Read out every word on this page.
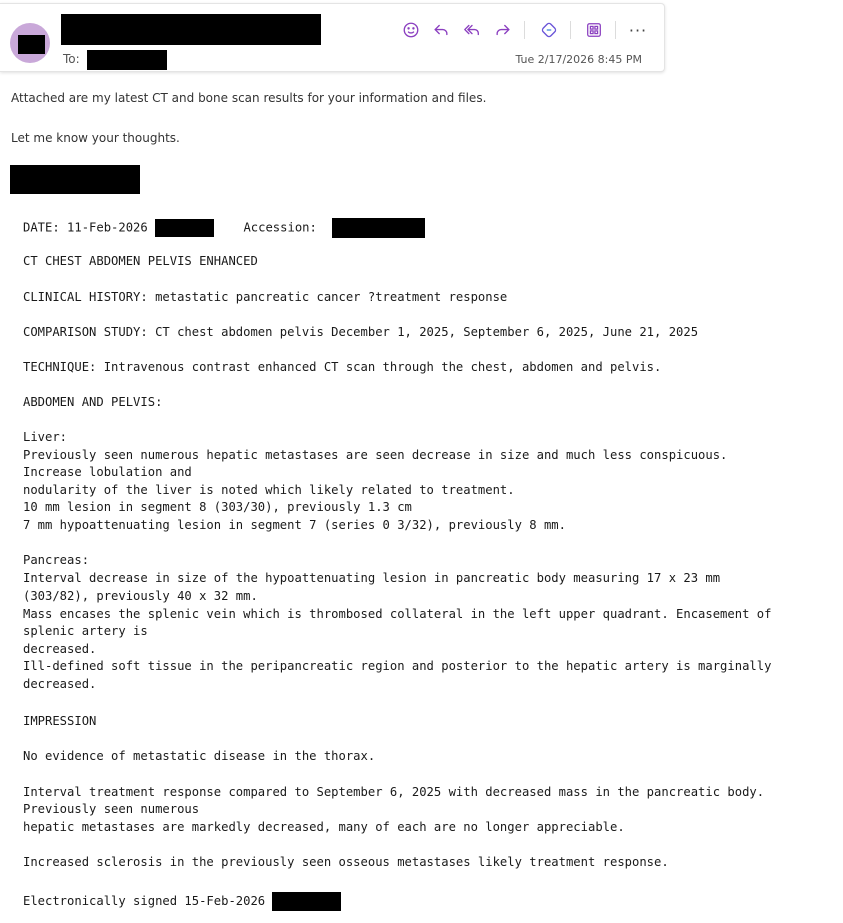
To:	Tue 2/17/2026 8:45 PM
···
Attached are my latest CT and bone scan results for your information and files.
Let me know your thoughts.

DATE: 11-Feb-2026	Accession:

CT CHEST ABDOMEN PELVIS ENHANCED

CLINICAL HISTORY: metastatic pancreatic cancer ?treatment response

COMPARISON STUDY: CT chest abdomen pelvis December 1, 2025, September 6, 2025, June 21, 2025

TECHNIQUE: Intravenous contrast enhanced CT scan through the chest, abdomen and pelvis.

ABDOMEN AND PELVIS:

Liver:

Previously seen numerous hepatic metastases are seen decrease in size and much less conspicuous.

Increase lobulation and

nodularity of the liver is noted which likely related to treatment.

10 mm lesion in segment 8 (303/30), previously 1.3 cm

7 mm hypoattenuating lesion in segment 7 (series 0 3/32), previously 8 mm.

Pancreas:

Interval decrease in size of the hypoattenuating lesion in pancreatic body measuring 17 x 23 mm

(303/82), previously 40 x 32 mm.

Mass encases the splenic vein which is thrombosed collateral in the left upper quadrant. Encasement of

splenic artery is

decreased.

Ill-defined soft tissue in the peripancreatic region and posterior to the hepatic artery is marginally

decreased.

IMPRESSION

No evidence of metastatic disease in the thorax.

Interval treatment response compared to September 6, 2025 with decreased mass in the pancreatic body.

Previously seen numerous

hepatic metastases are markedly decreased, many of each are no longer appreciable.

Increased sclerosis in the previously seen osseous metastases likely treatment response.

Electronically signed 15-Feb-2026
